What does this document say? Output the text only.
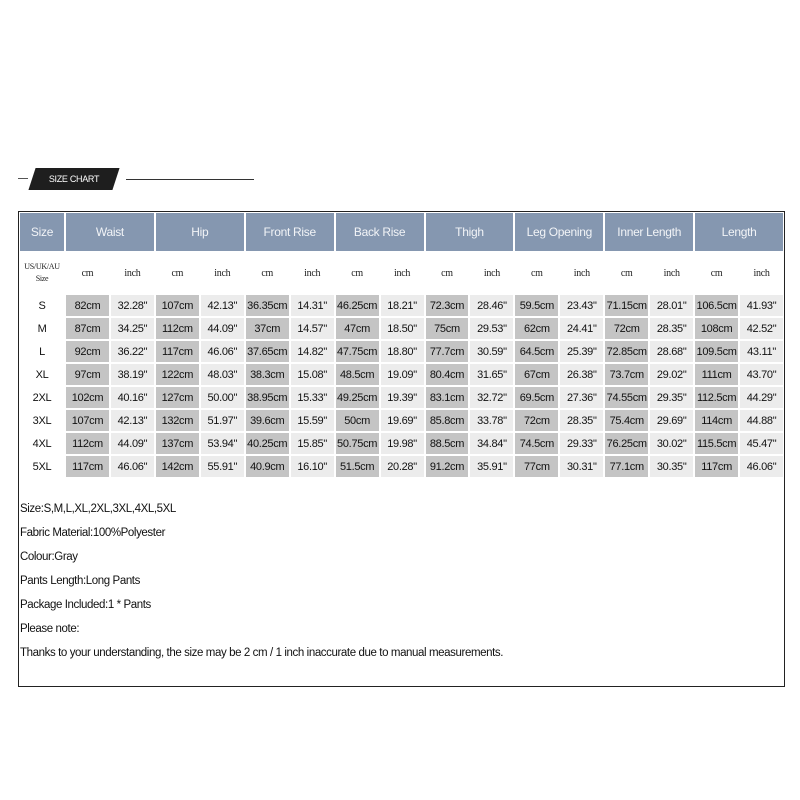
SIZE CHART
Size	Waist		Hip		Front Rise		Back Rise		Thigh		Leg Opening		Inner Length		Length	
US/UK/AU Size	cm	inch	cm	inch	cm	inch	cm	inch	cm	inch	cm	inch	cm	inch	cm	inch
S	82cm	32.28"	107cm	42.13"	36.35cm	14.31"	46.25cm	18.21"	72.3cm	28.46"	59.5cm	23.43"	71.15cm	28.01"	106.5cm	41.93"
M	87cm	34.25"	112cm	44.09"	37cm	14.57"	47cm	18.50"	75cm	29.53"	62cm	24.41"	72cm	28.35"	108cm	42.52"
L	92cm	36.22"	117cm	46.06"	37.65cm	14.82"	47.75cm	18.80"	77.7cm	30.59"	64.5cm	25.39"	72.85cm	28.68"	109.5cm	43.11"
XL	97cm	38.19"	122cm	48.03"	38.3cm	15.08"	48.5cm	19.09"	80.4cm	31.65"	67cm	26.38"	73.7cm	29.02"	111cm	43.70"
2XL	102cm	40.16"	127cm	50.00"	38.95cm	15.33"	49.25cm	19.39"	83.1cm	32.72"	69.5cm	27.36"	74.55cm	29.35"	112.5cm	44.29"
3XL	107cm	42.13"	132cm	51.97"	39.6cm	15.59"	50cm	19.69"	85.8cm	33.78"	72cm	28.35"	75.4cm	29.69"	114cm	44.88"
4XL	112cm	44.09"	137cm	53.94"	40.25cm	15.85"	50.75cm	19.98"	88.5cm	34.84"	74.5cm	29.33"	76.25cm	30.02"	115.5cm	45.47"
5XL	117cm	46.06"	142cm	55.91"	40.9cm	16.10"	51.5cm	20.28"	91.2cm	35.91"	77cm	30.31"	77.1cm	30.35"	117cm	46.06"
Size:S,M,L,XL,2XL,3XL,4XL,5XL
Fabric Material:100%Polyester
Colour:Gray
Pants Length:Long Pants
Package Included:1 * Pants
Please note:
Thanks to your understanding, the size may be 2 cm / 1 inch inaccurate due to manual measurements.
